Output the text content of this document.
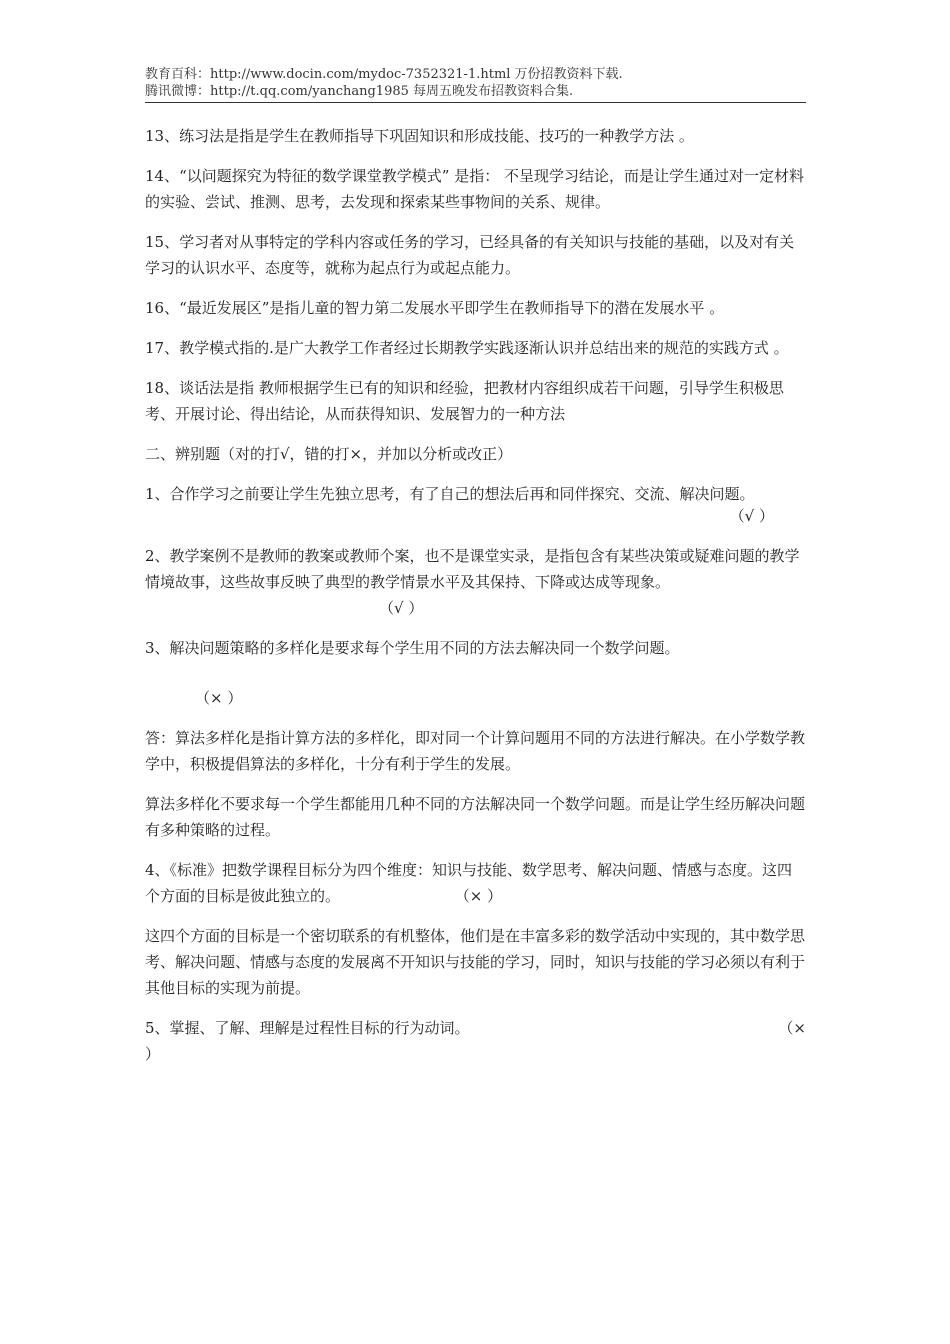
教育百科：http://www.docin.com/mydoc-7352321-1.html 万份招教资料下载.
腾讯微博：http://t.qq.com/yanchang1985 每周五晚发布招教资料合集.

13、练习法是指是学生在教师指导下巩固知识和形成技能、技巧的一种教学方法 。

14、“以问题探究为特征的数学课堂教学模式” 是指： 不呈现学习结论，而是让学生通过对一定材料的实验、尝试、推测、思考，去发现和探索某些事物间的关系、规律。

15、学习者对从事特定的学科内容或任务的学习，已经具备的有关知识与技能的基础，以及对有关学习的认识水平、态度等，就称为起点行为或起点能力。

16、“最近发展区”是指儿童的智力第二发展水平即学生在教师指导下的潜在发展水平 。

17、教学模式指的.是广大教学工作者经过长期教学实践逐渐认识并总结出来的规范的实践方式 。

18、谈话法是指 教师根据学生已有的知识和经验，把教材内容组织成若干问题，引导学生积极思考、开展讨论、得出结论，从而获得知识、发展智力的一种方法

二、辨别题（对的打√，错的打×，并加以分析或改正）

1、合作学习之前要让学生先独立思考，有了自己的想法后再和同伴探究、交流、解决问题。
（√ ）

2、教学案例不是教师的教案或教师个案，也不是课堂实录，是指包含有某些决策或疑难问题的教学情境故事，这些故事反映了典型的教学情景水平及其保持、下降或达成等现象。
（√ ）

3、解决问题策略的多样化是要求每个学生用不同的方法去解决同一个数学问题。

（× ）

答：算法多样化是指计算方法的多样化，即对同一个计算问题用不同的方法进行解决。在小学数学教学中，积极提倡算法的多样化，十分有利于学生的发展。

算法多样化不要求每一个学生都能用几种不同的方法解决同一个数学问题。而是让学生经历解决问题有多种策略的过程。

4、《标准》把数学课程目标分为四个维度：知识与技能、数学思考、解决问题、情感与态度。这四个方面的目标是彼此独立的。	（× ）

这四个方面的目标是一个密切联系的有机整体，他们是在丰富多彩的数学活动中实现的，其中数学思考、解决问题、情感与态度的发展离不开知识与技能的学习，同时，知识与技能的学习必须以有利于其他目标的实现为前提。

5、掌握、了解、理解是过程性目标的行为动词。	（×

）
